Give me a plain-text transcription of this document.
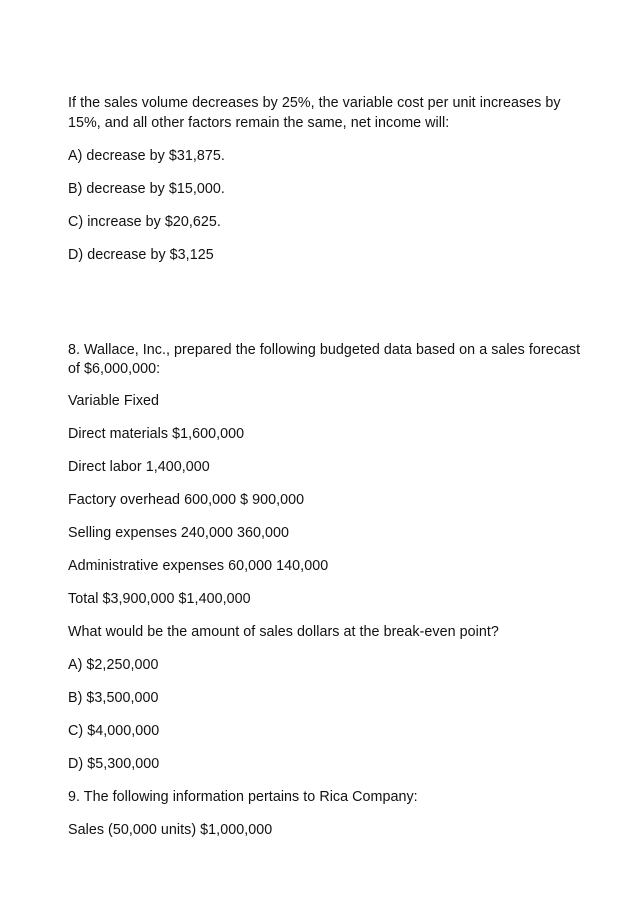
If the sales volume decreases by 25%, the variable cost per unit increases by
15%, and all other factors remain the same, net income will:
A) decrease by $31,875.
B) decrease by $15,000.
C) increase by $20,625.
D) decrease by $3,125
8. Wallace, Inc., prepared the following budgeted data based on a sales forecast
of $6,000,000:
Variable Fixed
Direct materials $1,600,000
Direct labor 1,400,000
Factory overhead 600,000 $ 900,000
Selling expenses 240,000 360,000
Administrative expenses 60,000 140,000
Total $3,900,000 $1,400,000
What would be the amount of sales dollars at the break-even point?
A) $2,250,000
B) $3,500,000
C) $4,000,000
D) $5,300,000
9. The following information pertains to Rica Company:
Sales (50,000 units) $1,000,000
